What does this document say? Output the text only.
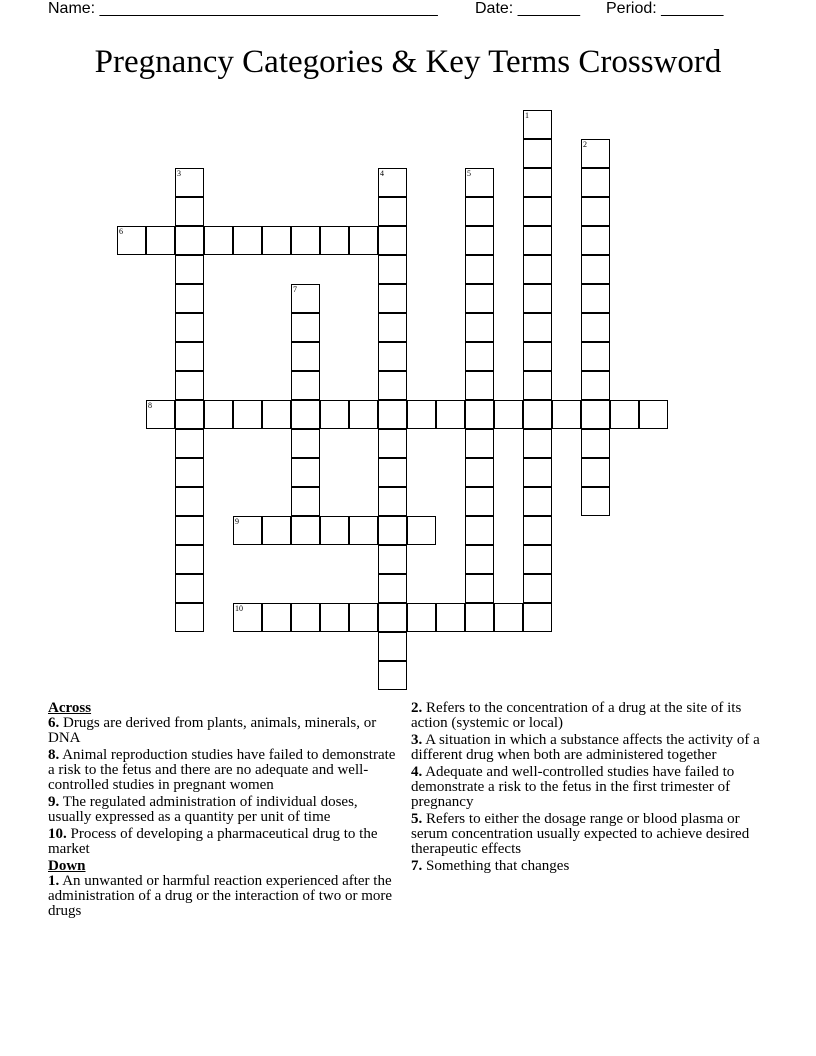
Name: ______________________________________ Date: _______ Period: _______
Pregnancy Categories & Key Terms Crossword
1
2
3	4	5
6
7
8
9
10

Across

6. Drugs are derived from plants, animals, minerals, or DNA

8. Animal reproduction studies have failed to demonstrate a risk to the fetus and there are no adequate and well-controlled studies in pregnant women

9. The regulated administration of individual doses, usually expressed as a quantity per unit of time

10. Process of developing a pharmaceutical drug to the market

Down

1. An unwanted or harmful reaction experienced after the administration of a drug or the interaction of two or more drugs

2. Refers to the concentration of a drug at the site of its action (systemic or local)

3. A situation in which a substance affects the activity of a different drug when both are administered together

4. Adequate and well-controlled studies have failed to demonstrate a risk to the fetus in the first trimester of pregnancy

5. Refers to either the dosage range or blood plasma or serum concentration usually expected to achieve desired therapeutic effects

7. Something that changes
